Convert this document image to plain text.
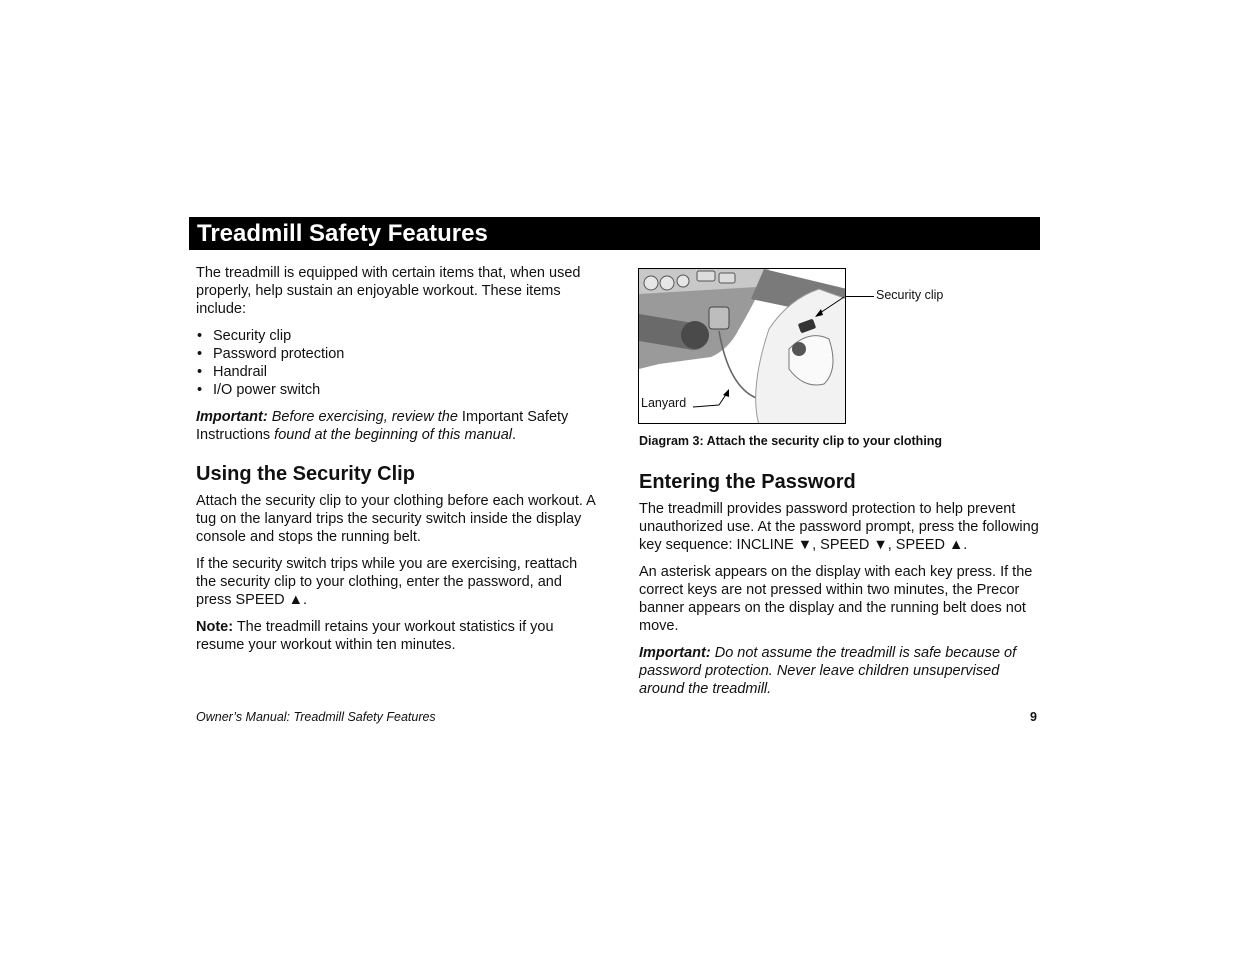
Treadmill Safety Features

The treadmill is equipped with certain items that, when used properly, help sustain an enjoyable workout. These items include:

• Security clip
• Password protection
• Handrail
• I/O power switch

Important: Before exercising, review the Important Safety Instructions found at the beginning of this manual.

Using the Security Clip

Attach the security clip to your clothing before each workout. A tug on the lanyard trips the security switch inside the display console and stops the running belt.

If the security switch trips while you are exercising, reattach the security clip to your clothing, enter the password, and press SPEED ▲.

Note: The treadmill retains your workout statistics if you resume your workout within ten minutes.

Lanyard
Security clip
Diagram 3: Attach the security clip to your clothing
Entering the Password

The treadmill provides password protection to help prevent unauthorized use. At the password prompt, press the following key sequence: INCLINE ▼, SPEED ▼, SPEED ▲.

An asterisk appears on the display with each key press. If the correct keys are not pressed within two minutes, the Precor banner appears on the display and the running belt does not move.

Important: Do not assume the treadmill is safe because of password protection. Never leave children unsupervised around the treadmill.

Owner’s Manual: Treadmill Safety Features	9
